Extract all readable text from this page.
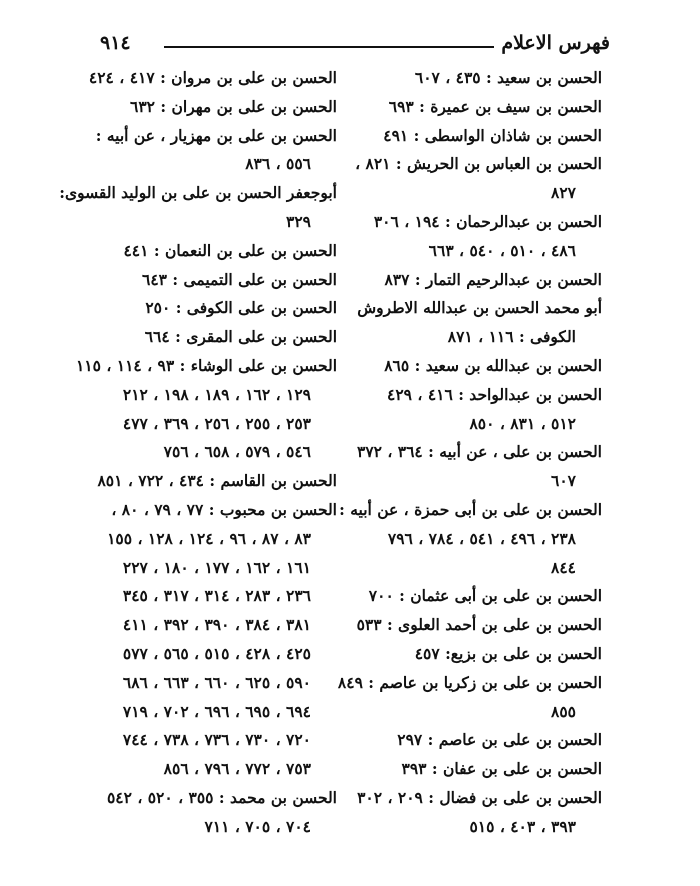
فهرس الاعلام
٩١٤
الحسن بن سعيد : ٤٣٥ ، ٦٠٧
الحسن بن سيف بن عميرة : ٦٩٣
الحسن بن شاذان الواسطى : ٤٩١
الحسن بن العباس بن الحريش : ٨٢١ ،
٨٢٧
الحسن بن عبدالرحمان : ١٩٤ ، ٣٠٦
٤٨٦ ، ٥١٠ ، ٥٤٠ ، ٦٦٣
الحسن بن عبدالرحيم التمار : ٨٣٧
أبو محمد الحسن بن عبدالله الاطروش
الكوفى : ١١٦ ، ٨٧١
الحسن بن عبدالله بن سعيد : ٨٦٥
الحسن بن عبدالواحد : ٤١٦ ، ٤٢٩
٥١٢ ، ٨٣١ ، ٨٥٠
الحسن بن على ، عن أبيه : ٣٦٤ ، ٣٧٢
٦٠٧
الحسن بن على بن أبى حمزة ، عن أبيه :
٢٣٨ ، ٤٩٦ ، ٥٤١ ، ٧٨٤ ، ٧٩٦
٨٤٤
الحسن بن على بن أبى عثمان : ٧٠٠
الحسن بن على بن أحمد العلوى : ٥٣٣
الحسن بن على بن بزيع: ٤٥٧
الحسن بن على بن زكريا بن عاصم : ٨٤٩
٨٥٥
الحسن بن على بن عاصم : ٢٩٧
الحسن بن على بن عفان : ٣٩٣
الحسن بن على بن فضال : ٢٠٩ ، ٣٠٢
٣٩٣ ، ٤٠٣ ، ٥١٥
الحسن بن على بن مروان : ٤١٧ ، ٤٢٤
الحسن بن على بن مهران : ٦٣٢
الحسن بن على بن مهزيار ، عن أبيه :
٥٥٦ ، ٨٣٦
أبوجعفر الحسن بن على بن الوليد القسوى:
٣٢٩
الحسن بن على بن النعمان : ٤٤١
الحسن بن على التميمى : ٦٤٣
الحسن بن على الكوفى : ٢٥٠
الحسن بن على المقرى : ٦٦٤
الحسن بن على الوشاء : ٩٣ ، ١١٤ ، ١١٥
١٢٩ ، ١٦٢ ، ١٨٩ ، ١٩٨ ، ٢١٢
٢٥٣ ، ٢٥٥ ، ٢٥٦ ، ٣٦٩ ، ٤٧٧
٥٤٦ ، ٥٧٩ ، ٦٥٨ ، ٧٥٦
الحسن بن القاسم : ٤٣٤ ، ٧٢٢ ، ٨٥١
الحسن بن محبوب : ٧٧ ، ٧٩ ، ٨٠ ،
٨٣ ، ٨٧ ، ٩٦ ، ١٢٤ ، ١٢٨ ، ١٥٥
١٦١ ، ١٦٢ ، ١٧٧ ، ١٨٠ ، ٢٢٧
٢٣٦ ، ٢٨٣ ، ٣١٤ ، ٣١٧ ، ٣٤٥
٣٨١ ، ٣٨٤ ، ٣٩٠ ، ٣٩٢ ، ٤١١
٤٢٥ ، ٤٢٨ ، ٥١٥ ، ٥٦٥ ، ٥٧٧
٥٩٠ ، ٦٢٥ ، ٦٦٠ ، ٦٦٣ ، ٦٨٦
٦٩٤ ، ٦٩٥ ، ٦٩٦ ، ٧٠٢ ، ٧١٩
٧٢٠ ، ٧٣٠ ، ٧٣٦ ، ٧٣٨ ، ٧٤٤
٧٥٣ ، ٧٧٢ ، ٧٩٦ ، ٨٥٦
الحسن بن محمد : ٣٥٥ ، ٥٢٠ ، ٥٤٢
٧٠٤ ، ٧٠٥ ، ٧١١
